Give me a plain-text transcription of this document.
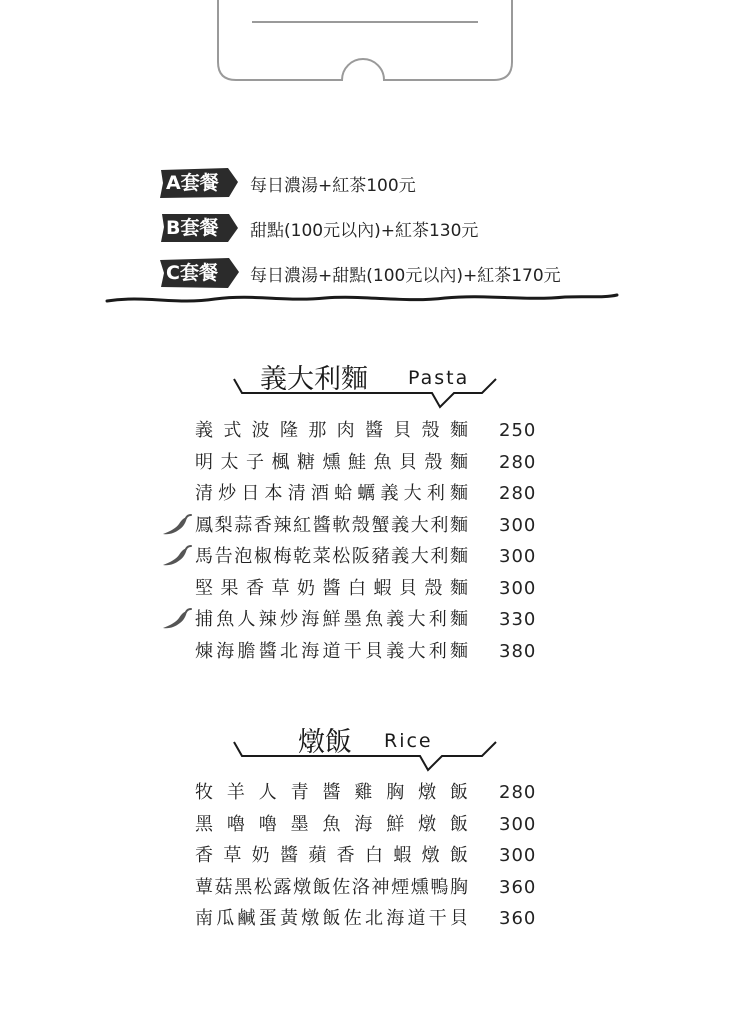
A套餐 每日濃湯+紅茶100元
B套餐 甜點(100元以內)+紅茶130元
C套餐 每日濃湯+甜點(100元以內)+紅茶170元
義大利麵 Pasta
義式波隆那肉醬貝殼麵 250
明太子楓糖燻鮭魚貝殼麵 280
清炒日本清酒蛤蠣義大利麵 280
鳳梨蒜香辣紅醬軟殼蟹義大利麵 300
馬告泡椒梅乾菜松阪豬義大利麵 300
堅果香草奶醬白蝦貝殼麵 300
捕魚人辣炒海鮮墨魚義大利麵 330
煉海膽醬北海道干貝義大利麵 380
燉飯 Rice
牧羊人青醬雞胸燉飯 280
黑嚕嚕墨魚海鮮燉飯 300
香草奶醬蘋香白蝦燉飯 300
蕈菇黑松露燉飯佐洛神煙燻鴨胸 360
南瓜鹹蛋黃燉飯佐北海道干貝 360
